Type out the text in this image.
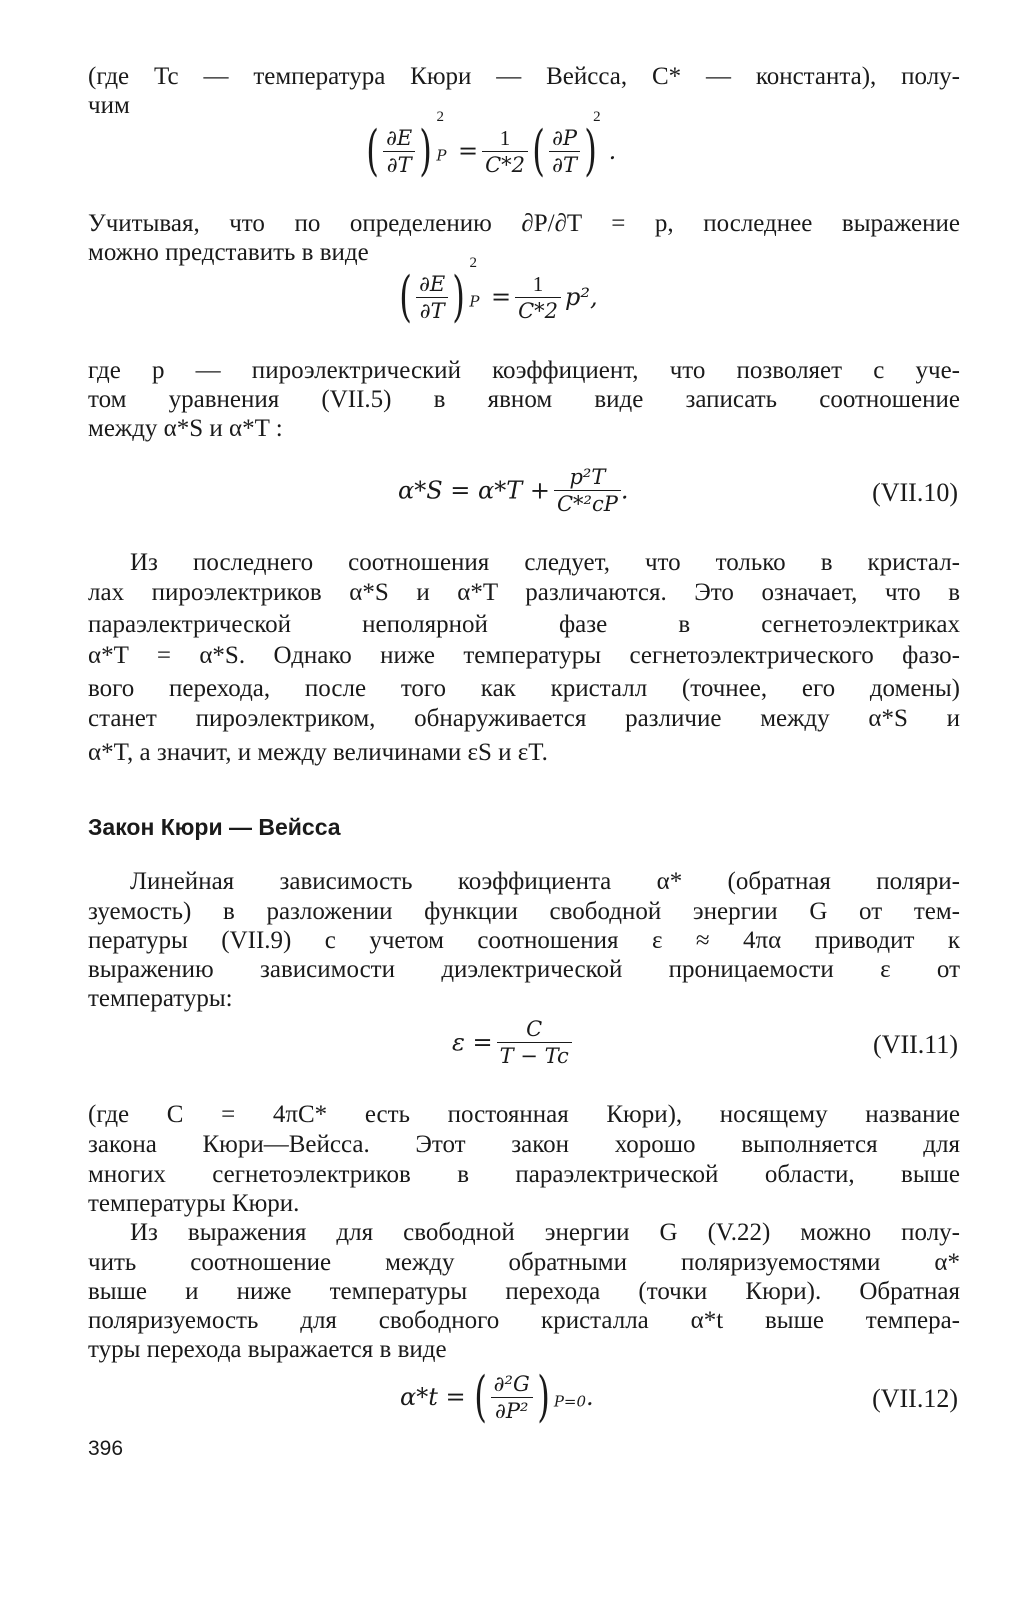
(где Tc — температура Кюри — Вейсса, C* — константа), полу-
чим
( $\frac{\partial E}{\partial T}$ ) $P2 = \frac{1}{C*2}$ ( $\frac{\partial P}{\partial T} )2$.
Учитывая, что по определению ∂P/∂T = p, последнее выражение
можно представить в виде
( $\frac{\partial E}{\partial T}$ ) $P2 = \frac{1}{C*2} p^2$,
где p — пироэлектрический коэффициент, что позволяет с уче-
том уравнения (VII.5) в явном виде записать соотношение
между α*S и α*T :
$\alpha*S = \alpha*T + \frac{\text{p²T}}{\text{C*²cP}}$ .	(VII.10)
Из последнего соотношения следует, что только в кристал-
лах пироэлектриков α*S и α*T различаются. Это означает, что в
параэлектрической неполярной фазе в сегнетоэлектриках
α*T = α*S. Однако ниже температуры сегнетоэлектрического фазо-
вого перехода, после того как кристалл (точнее, его домены)
станет пироэлектриком, обнаруживается различие между α*S и
α*T, а значит, и между величинами εS и εT.
Закон Кюри — Вейсса
Линейная зависимость коэффициента α* (обратная поляри-
зуемость) в разложении функции свободной энергии G от тем-
пературы (VII.9) с учетом соотношения ε ≈ 4πα приводит к
выражению зависимости диэлектрической проницаемости ε от
температуры:
$\varepsilon = \frac{C}{T - Tc}$	(VII.11)
(где C = 4πC* есть постоянная Кюри), носящему название
закона Кюри—Вейсса. Этот закон хорошо выполняется для
многих сегнетоэлектриков в параэлектрической области, выше
температуры Кюри.
Из выражения для свободной энергии G (V.22) можно полу-
чить соотношение между обратными поляризуемостями α*
выше и ниже температуры перехода (точки Кюри). Обратная
поляризуемость для свободного кристалла α*t выше темпера-
туры перехода выражается в виде
α*t = ( $\frac{\text{∂²G}}{\text{∂P²}}$ ) P=0.	(VII.12)
396
